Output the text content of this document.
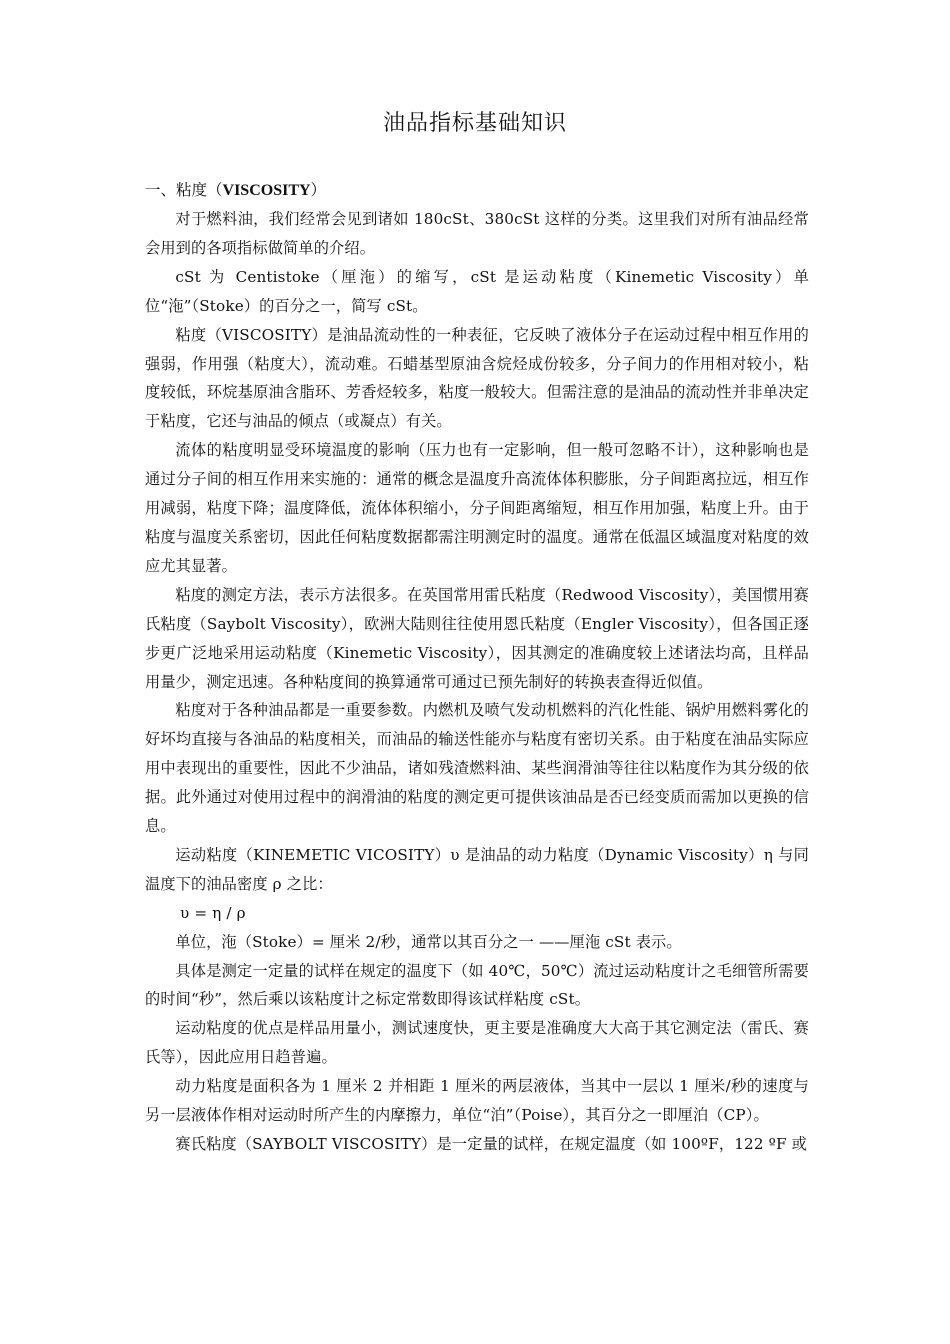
油品指标基础知识
一、粘度（VISCOSITY）

对于燃料油，我们经常会见到诸如 180cSt、380cSt 这样的分类。这里我们对所有油品经常会用到的各项指标做简单的介绍。

cSt 为 Centistoke（厘沲）的缩写，cSt 是运动粘度（Kinemetic Viscosity）单位“沲”（Stoke）的百分之一，简写 cSt。

粘度（VISCOSITY）是油品流动性的一种表征，它反映了液体分子在运动过程中相互作用的强弱，作用强（粘度大），流动难。石蜡基型原油含烷烃成份较多，分子间力的作用相对较小，粘度较低，环烷基原油含脂环、芳香烃较多，粘度一般较大。但需注意的是油品的流动性并非单决定于粘度，它还与油品的倾点（或凝点）有关。

流体的粘度明显受环境温度的影响（压力也有一定影响，但一般可忽略不计），这种影响也是通过分子间的相互作用来实施的：通常的概念是温度升高流体体积膨胀，分子间距离拉远，相互作用减弱，粘度下降；温度降低，流体体积缩小，分子间距离缩短，相互作用加强，粘度上升。由于粘度与温度关系密切，因此任何粘度数据都需注明测定时的温度。通常在低温区域温度对粘度的效应尤其显著。

粘度的测定方法，表示方法很多。在英国常用雷氏粘度（Redwood Viscosity），美国惯用赛氏粘度（Saybolt Viscosity），欧洲大陆则往往使用恩氏粘度（Engler Viscosity），但各国正逐步更广泛地采用运动粘度（Kinemetic Viscosity），因其测定的准确度较上述诸法均高，且样品用量少，测定迅速。各种粘度间的换算通常可通过已预先制好的转换表查得近似值。

粘度对于各种油品都是一重要参数。内燃机及喷气发动机燃料的汽化性能、锅炉用燃料雾化的好坏均直接与各油品的粘度相关，而油品的输送性能亦与粘度有密切关系。由于粘度在油品实际应用中表现出的重要性，因此不少油品，诸如残渣燃料油、某些润滑油等往往以粘度作为其分级的依据。此外通过对使用过程中的润滑油的粘度的测定更可提供该油品是否已经变质而需加以更换的信息。

运动粘度（KINEMETIC VICOSITY）υ 是油品的动力粘度（Dynamic Viscosity）η 与同温度下的油品密度 ρ 之比：

υ = η / ρ

单位，沲（Stoke）= 厘米 2/秒，通常以其百分之一 ——厘沲 cSt 表示。

具体是测定一定量的试样在规定的温度下（如 40℃，50℃）流过运动粘度计之毛细管所需要的时间“秒”，然后乘以该粘度计之标定常数即得该试样粘度 cSt。

运动粘度的优点是样品用量小，测试速度快，更主要是准确度大大高于其它测定法（雷氏、赛氏等），因此应用日趋普遍。

动力粘度是面积各为 1 厘米 2 并相距 1 厘米的两层液体，当其中一层以 1 厘米/秒的速度与另一层液体作相对运动时所产生的内摩擦力，单位“泊”（Poise），其百分之一即厘泊（CP）。

赛氏粘度（SAYBOLT VISCOSITY）是一定量的试样，在规定温度（如 100ºF，122 ºF 或
